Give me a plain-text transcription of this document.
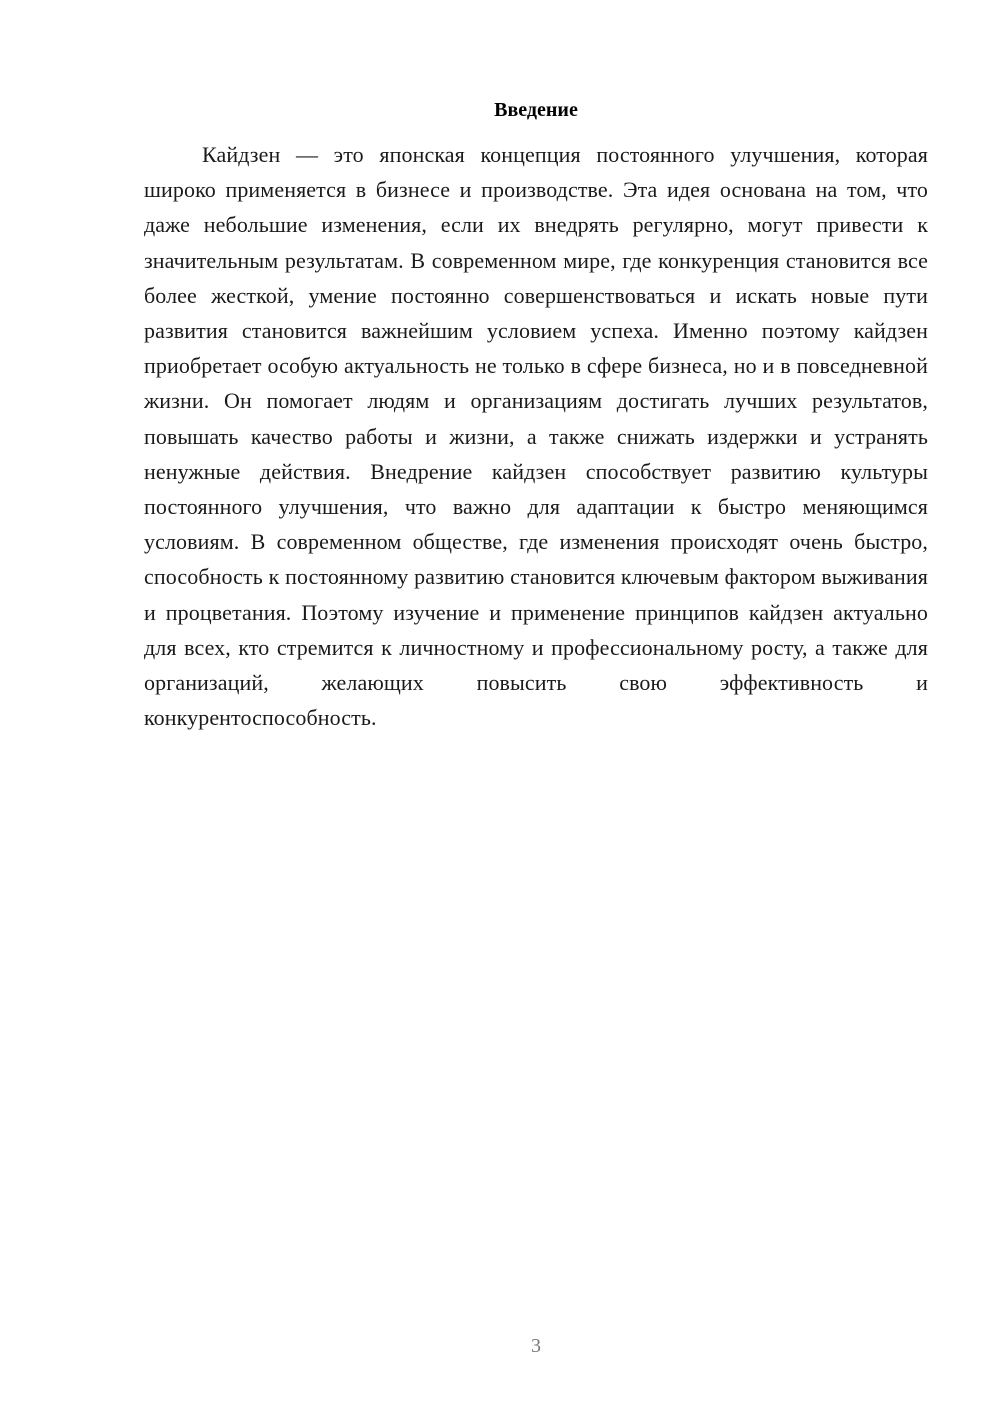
Введение

Кайдзен — это японская концепция постоянного улучшения, которая широко применяется в бизнесе и производстве. Эта идея основана на том, что даже небольшие изменения, если их внедрять регулярно, могут привести к значительным результатам. В современном мире, где конкуренция становится все более жесткой, умение постоянно совершенствоваться и искать новые пути развития становится важнейшим условием успеха. Именно поэтому кайдзен приобретает особую актуальность не только в сфере бизнеса, но и в повседневной жизни. Он помогает людям и организациям достигать лучших результатов, повышать качество работы и жизни, а также снижать издержки и устранять ненужные действия. Внедрение кайдзен способствует развитию культуры постоянного улучшения, что важно для адаптации к быстро меняющимся условиям. В современном обществе, где изменения происходят очень быстро, способность к постоянному развитию становится ключевым фактором выживания и процветания. Поэтому изучение и применение принципов кайдзен актуально для всех, кто стремится к личностному и профессиональному росту, а также для организаций, желающих повысить свою эффективность и конкурентоспособность.

3
